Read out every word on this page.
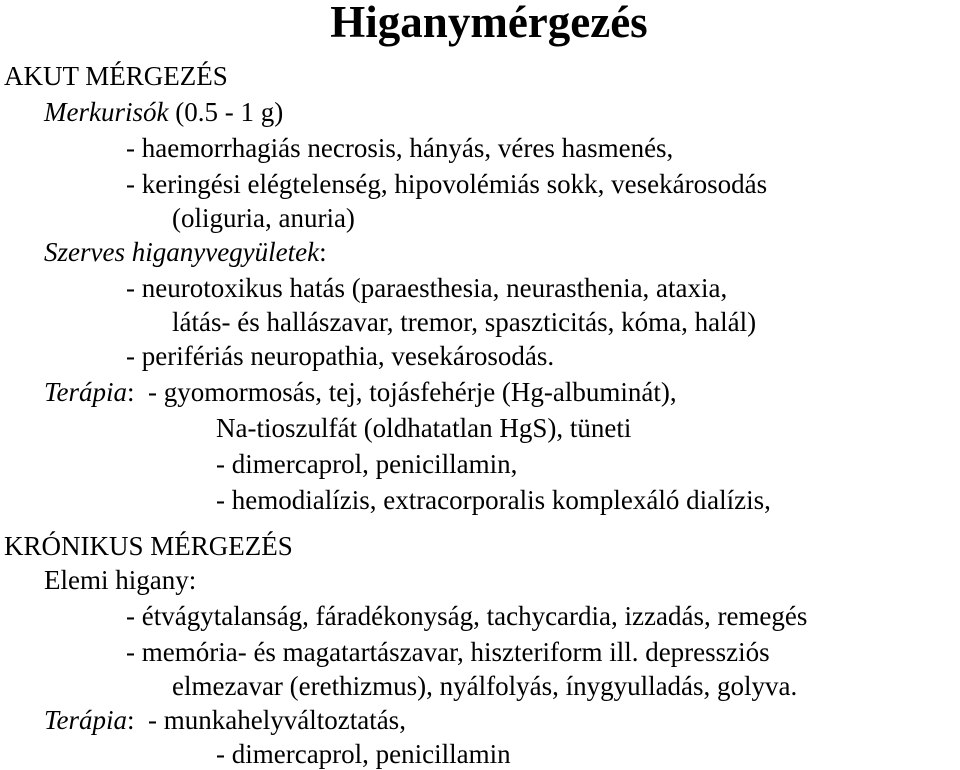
Higanymérgezés
AKUT MÉRGEZÉS
Merkurisók (0.5 - 1 g)
- haemorrhagiás necrosis, hányás, véres hasmenés,
- keringési elégtelenség, hipovolémiás sokk, vesekárosodás
(oliguria, anuria)
Szerves higanyvegyületek:
- neurotoxikus hatás (paraesthesia, neurasthenia, ataxia,
látás- és hallászavar, tremor, spaszticitás, kóma, halál)
- perifériás neuropathia, vesekárosodás.
Terápia:  - gyomormosás, tej, tojásfehérje (Hg-albuminát),
Na-tioszulfát (oldhatatlan HgS), tüneti
- dimercaprol, penicillamin,
- hemodialízis, extracorporalis komplexáló dialízis,
KRÓNIKUS MÉRGEZÉS
Elemi higany:
- étvágytalanság, fáradékonyság, tachycardia, izzadás, remegés
- memória- és magatartászavar, hiszteriform ill. depressziós
elmezavar (erethizmus), nyálfolyás, ínygyulladás, golyva.
Terápia:  - munkahelyváltoztatás,
- dimercaprol, penicillamin
